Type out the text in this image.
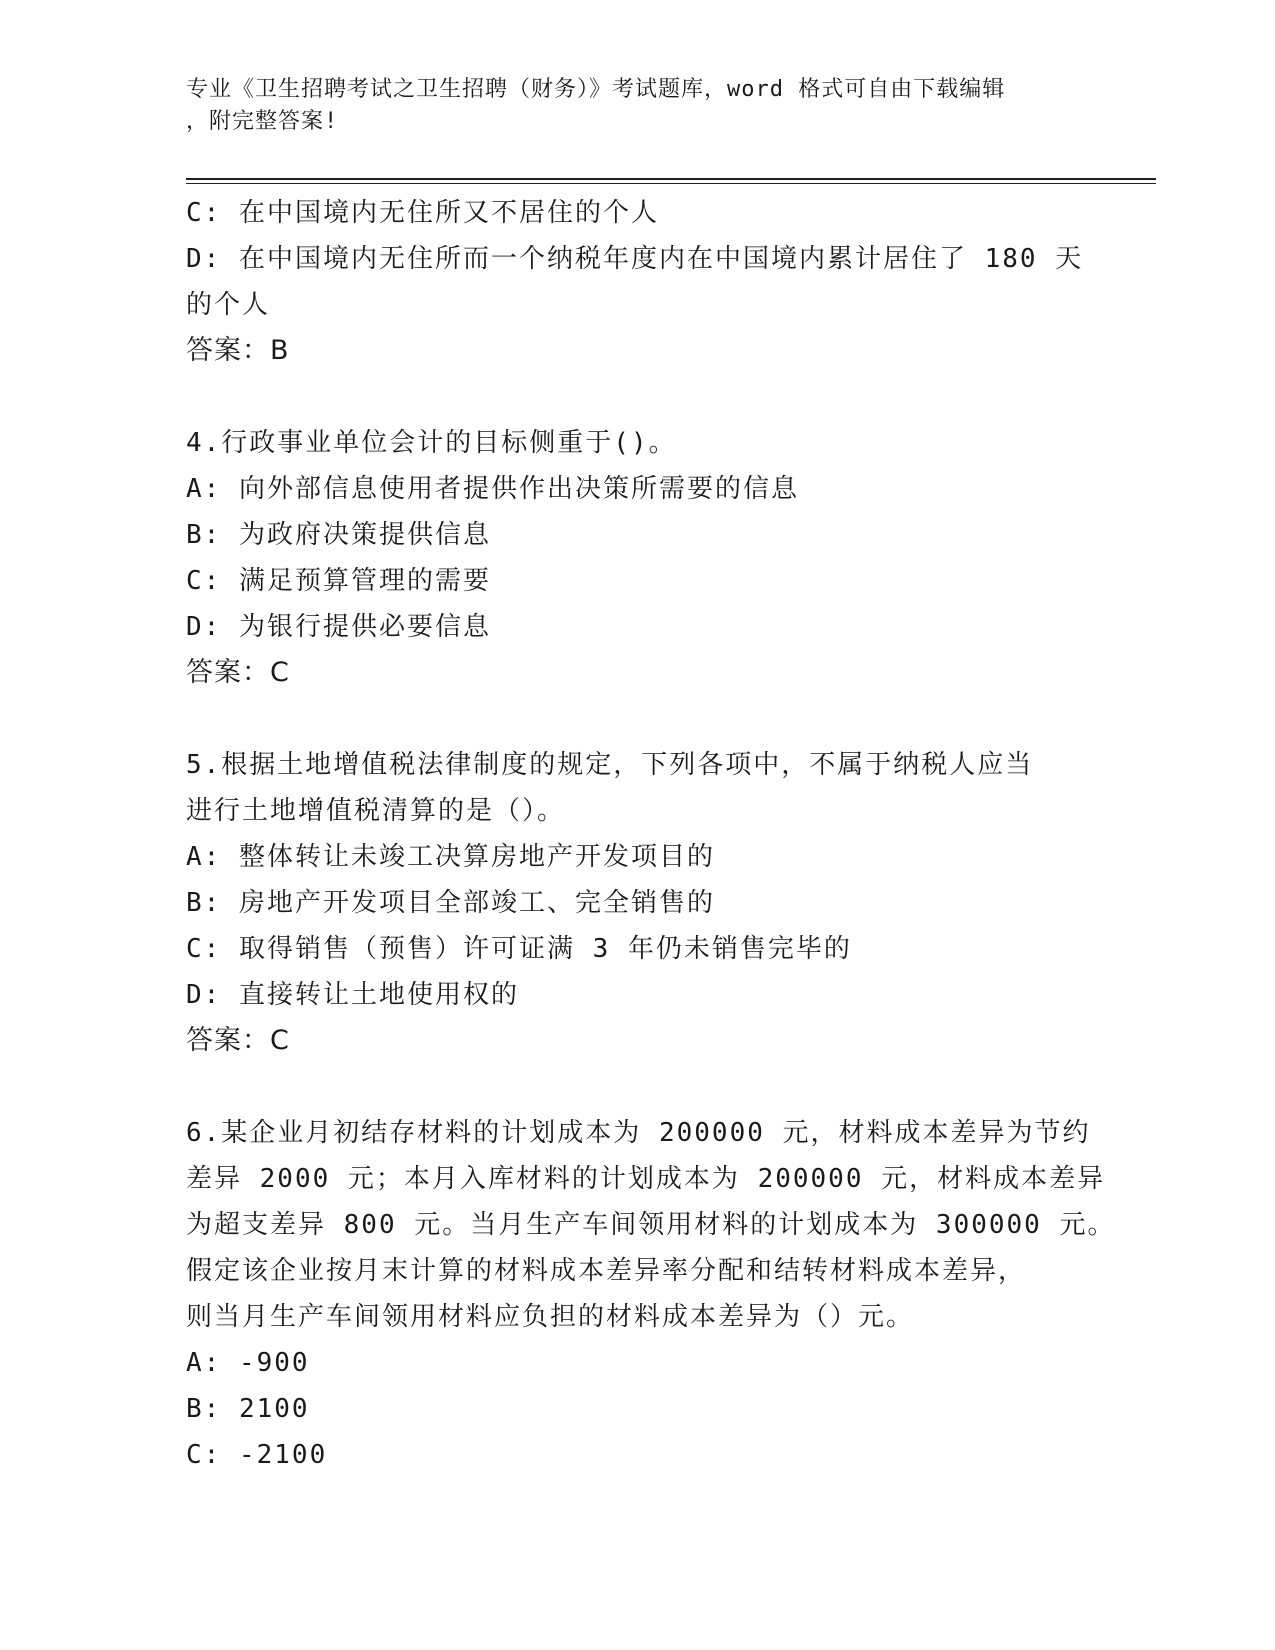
专业《卫生招聘考试之卫生招聘（财务）》考试题库，word 格式可自由下载编辑
，附完整答案!
C: 在中国境内无住所又不居住的个人
D: 在中国境内无住所而一个纳税年度内在中国境内累计居住了 180 天
的个人
答案：B
4.行政事业单位会计的目标侧重于()。
A: 向外部信息使用者提供作出决策所需要的信息
B: 为政府决策提供信息
C: 满足预算管理的需要
D: 为银行提供必要信息
答案：C
5.根据土地增值税法律制度的规定，下列各项中，不属于纳税人应当
进行土地增值税清算的是（）。
A: 整体转让未竣工决算房地产开发项目的
B: 房地产开发项目全部竣工、完全销售的
C: 取得销售（预售）许可证满 3 年仍未销售完毕的
D: 直接转让土地使用权的
答案：C
6.某企业月初结存材料的计划成本为 200000 元，材料成本差异为节约
差异 2000 元；本月入库材料的计划成本为 200000 元，材料成本差异
为超支差异 800 元。当月生产车间领用材料的计划成本为 300000 元。
假定该企业按月末计算的材料成本差异率分配和结转材料成本差异，
则当月生产车间领用材料应负担的材料成本差异为（）元。
A: -900
B: 2100
C: -2100
